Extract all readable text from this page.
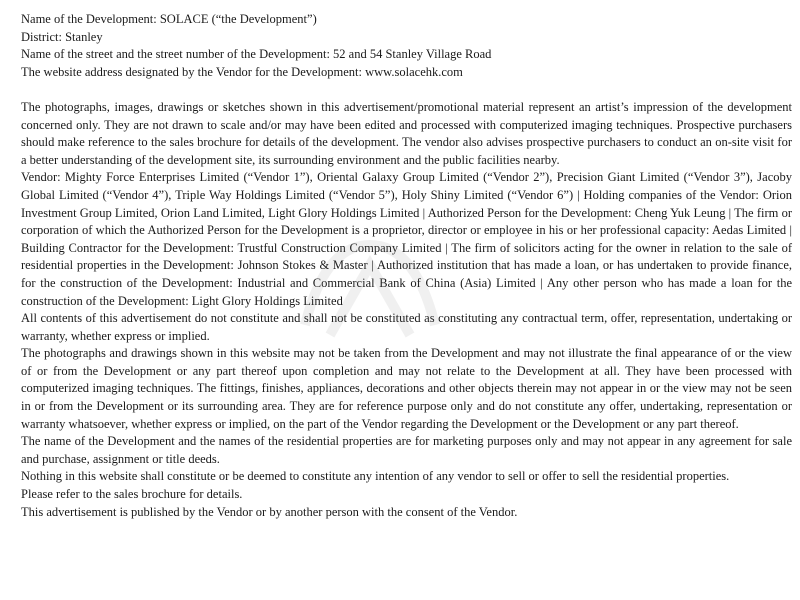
Name of the Development: SOLACE (“the Development”)

District: Stanley

Name of the street and the street number of the Development: 52 and 54 Stanley Village Road

The website address designated by the Vendor for the Development: www.solacehk.com

The photographs, images, drawings or sketches shown in this advertisement/promotional material represent an artist’s impression of the development concerned only. They are not drawn to scale and/or may have been edited and processed with computerized imaging techniques. Prospective purchasers should make reference to the sales brochure for details of the development. The vendor also advises prospective purchasers to conduct an on-site visit for a better understanding of the development site, its surrounding environment and the public facilities nearby.

Vendor: Mighty Force Enterprises Limited (“Vendor 1”), Oriental Galaxy Group Limited (“Vendor 2”), Precision Giant Limited (“Vendor 3”), Jacoby Global Limited (“Vendor 4”), Triple Way Holdings Limited (“Vendor 5”), Holy Shiny Limited (“Vendor 6”) | Holding companies of the Vendor: Orion Investment Group Limited, Orion Land Limited, Light Glory Holdings Limited | Authorized Person for the Development: Cheng Yuk Leung | The firm or corporation of which the Authorized Person for the Development is a proprietor, director or employee in his or her professional capacity: Aedas Limited | Building Contractor for the Development: Trustful Construction Company Limited | The firm of solicitors acting for the owner in relation to the sale of residential properties in the Development: Johnson Stokes & Master | Authorized institution that has made a loan, or has undertaken to provide finance, for the construction of the Development: Industrial and Commercial Bank of China (Asia) Limited | Any other person who has made a loan for the construction of the Development: Light Glory Holdings Limited

All contents of this advertisement do not constitute and shall not be constituted as constituting any contractual term, offer, representation, undertaking or warranty, whether express or implied.

The photographs and drawings shown in this website may not be taken from the Development and may not illustrate the final appearance of or the view of or from the Development or any part thereof upon completion and may not relate to the Development at all. They have been processed with computerized imaging techniques. The fittings, finishes, appliances, decorations and other objects therein may not appear in or the view may not be seen in or from the Development or its surrounding area. They are for reference purpose only and do not constitute any offer, undertaking, representation or warranty whatsoever, whether express or implied, on the part of the Vendor regarding the Development or the Development or any part thereof.

The name of the Development and the names of the residential properties are for marketing purposes only and may not appear in any agreement for sale and purchase, assignment or title deeds.

Nothing in this website shall constitute or be deemed to constitute any intention of any vendor to sell or offer to sell the residential properties.

Please refer to the sales brochure for details.

This advertisement is published by the Vendor or by another person with the consent of the Vendor.
